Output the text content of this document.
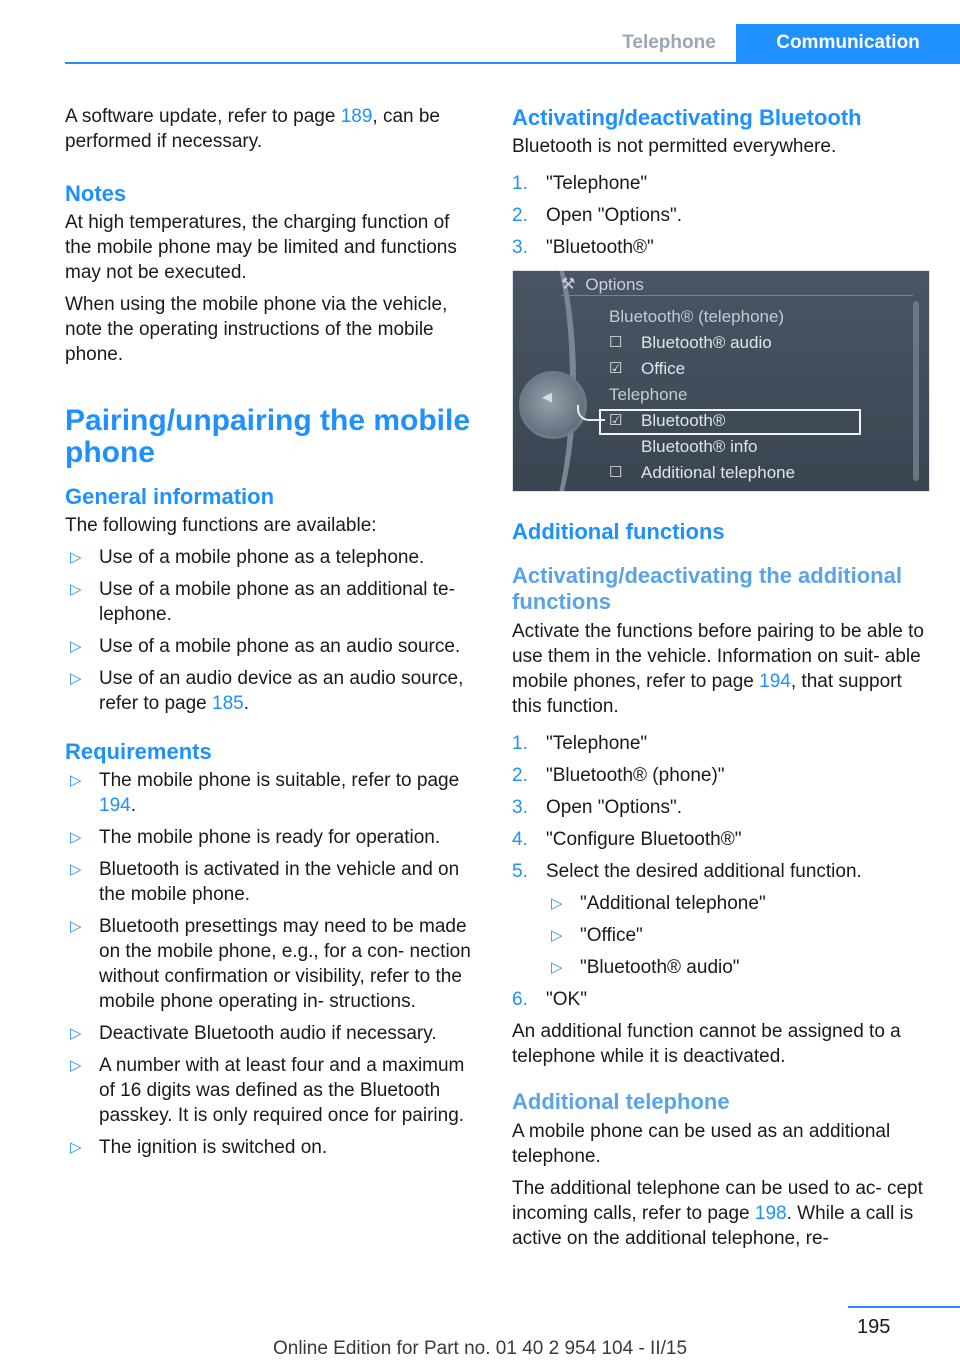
Telephone	Communication

A software update, refer to page 189, can be performed if necessary.

Notes

At high temperatures, the charging function of the mobile phone may be limited and functions may not be executed.

When using the mobile phone via the vehicle, note the operating instructions of the mobile phone.

Pairing/unpairing the mobile phone
General information

The following functions are available:

▷ Use of a mobile phone as a telephone.
▷ Use of a mobile phone as an additional te‐ lephone.
▷ Use of a mobile phone as an audio source.
▷ Use of an audio device as an audio source, refer to page 185.
Requirements
▷ The mobile phone is suitable, refer to page 194.
▷ The mobile phone is ready for operation.
▷ Bluetooth is activated in the vehicle and on the mobile phone.
▷ Bluetooth presettings may need to be made on the mobile phone, e.g., for a con‐ nection without confirmation or visibility, refer to the mobile phone operating in‐ structions.
▷ Deactivate Bluetooth audio if necessary.
▷ A number with at least four and a maximum of 16 digits was defined as the Bluetooth passkey. It is only required once for pairing.
▷ The ignition is switched on.
Activating/deactivating Bluetooth

Bluetooth is not permitted everywhere.

1. "Telephone"
2. Open "Options".
3. "Bluetooth®"
◀
⚒ Options
Bluetooth® (telephone)
☐	Bluetooth® audio
☑	Office
Telephone
☑	Bluetooth®
Bluetooth® info
☐	Additional telephone
Additional functions
Activating/deactivating the additional functions

Activate the functions before pairing to be able to use them in the vehicle. Information on suit‐ able mobile phones, refer to page 194, that support this function.

1. "Telephone"
2. "Bluetooth® (phone)"
3. Open "Options".
4. "Configure Bluetooth®"
5. Select the desired additional function.
▷ "Additional telephone"
▷ "Office"
▷ "Bluetooth® audio"
6. "OK"

An additional function cannot be assigned to a telephone while it is deactivated.

Additional telephone

A mobile phone can be used as an additional telephone.

The additional telephone can be used to ac‐ cept incoming calls, refer to page 198. While a call is active on the additional telephone, re‐

195
Online Edition for Part no. 01 40 2 954 104 - II/15
